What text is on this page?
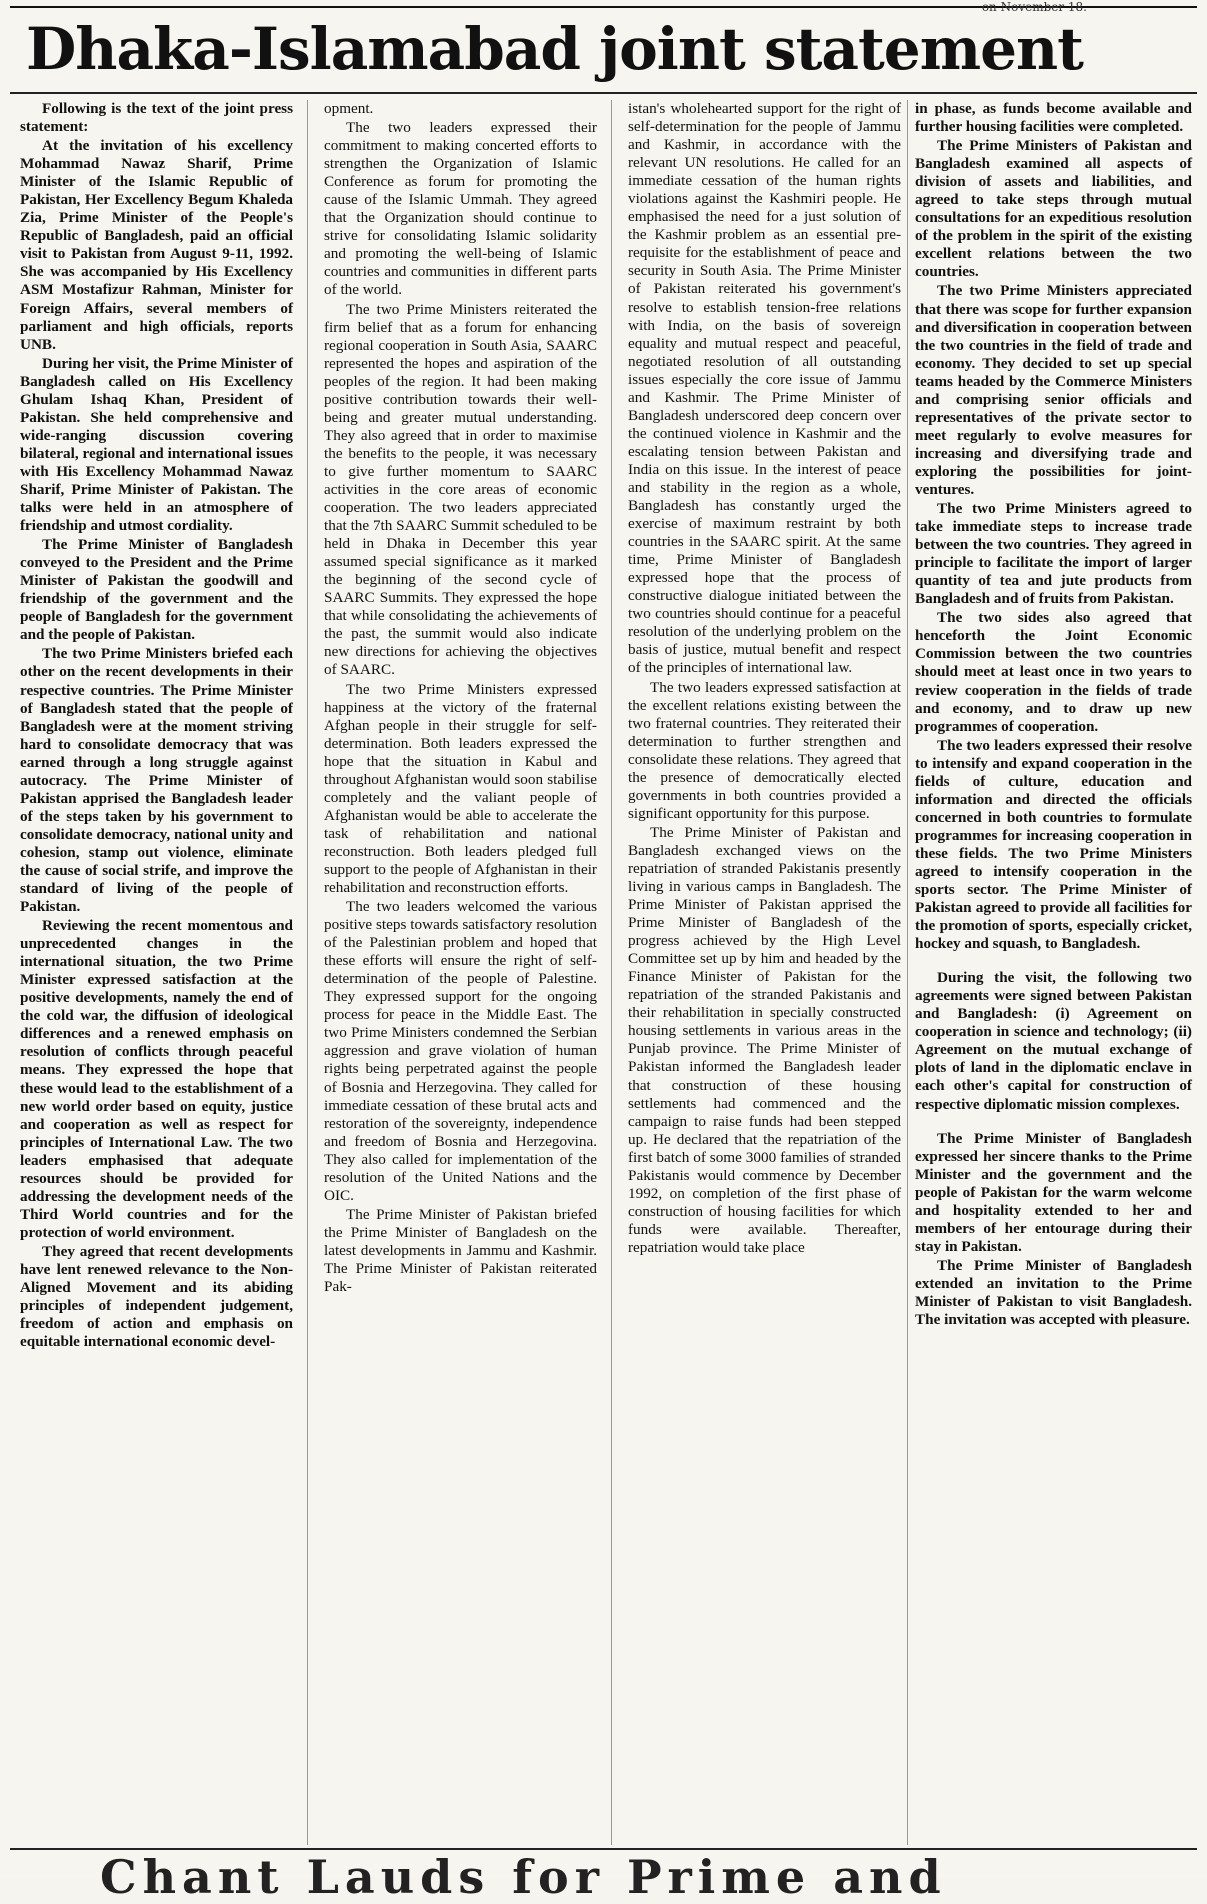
on November 18.
Dhaka-Islamabad joint statement

Following is the text of the joint press statement:

At the invitation of his excellency Mohammad Nawaz Sharif, Prime Minister of the Islamic Republic of Pakistan, Her Excellency Begum Khaleda Zia, Prime Minister of the People's Republic of Bangladesh, paid an official visit to Pakistan from August 9-11, 1992. She was accompanied by His Excellency ASM Mostafizur Rahman, Minister for Foreign Affairs, several members of parliament and high officials, reports UNB.

During her visit, the Prime Minister of Bangladesh called on His Excellency Ghulam Ishaq Khan, President of Pakistan. She held comprehensive and wide-ranging discussion covering bilateral, regional and international issues with His Excellency Mohammad Nawaz Sharif, Prime Minister of Pakistan. The talks were held in an atmosphere of friendship and utmost cordiality.

The Prime Minister of Bangladesh conveyed to the President and the Prime Minister of Pakistan the goodwill and friendship of the government and the people of Bangladesh for the government and the people of Pakistan.

The two Prime Ministers briefed each other on the recent developments in their respective countries. The Prime Minister of Bangladesh stated that the people of Bangladesh were at the moment striving hard to consolidate democracy that was earned through a long struggle against autocracy. The Prime Minister of Pakistan apprised the Bangladesh leader of the steps taken by his government to consolidate democracy, national unity and cohesion, stamp out violence, eliminate the cause of social strife, and improve the standard of living of the people of Pakistan.

Reviewing the recent momentous and unprecedented changes in the international situation, the two Prime Minister expressed satisfaction at the positive developments, namely the end of the cold war, the diffusion of ideological differences and a renewed emphasis on resolution of conflicts through peaceful means. They expressed the hope that these would lead to the establishment of a new world order based on equity, justice and cooperation as well as respect for principles of International Law. The two leaders emphasised that adequate resources should be provided for addressing the development needs of the Third World countries and for the protection of world environment.

They agreed that recent developments have lent renewed relevance to the Non-Aligned Movement and its abiding principles of independent judgement, freedom of action and emphasis on equitable international economic devel-

opment.

The two leaders expressed their commitment to making concerted efforts to strengthen the Organization of Islamic Conference as forum for promoting the cause of the Islamic Ummah. They agreed that the Organization should continue to strive for consolidating Islamic solidarity and promoting the well-being of Islamic countries and communities in different parts of the world.

The two Prime Ministers reiterated the firm belief that as a forum for enhancing regional cooperation in South Asia, SAARC represented the hopes and aspiration of the peoples of the region. It had been making positive contribution towards their well-being and greater mutual understanding. They also agreed that in order to maximise the benefits to the people, it was necessary to give further momentum to SAARC activities in the core areas of economic cooperation. The two leaders appreciated that the 7th SAARC Summit scheduled to be held in Dhaka in December this year assumed special significance as it marked the beginning of the second cycle of SAARC Summits. They expressed the hope that while consolidating the achievements of the past, the summit would also indicate new directions for achieving the objectives of SAARC.

The two Prime Ministers expressed happiness at the victory of the fraternal Afghan people in their struggle for self-determination. Both leaders expressed the hope that the situation in Kabul and throughout Afghanistan would soon stabilise completely and the valiant people of Afghanistan would be able to accelerate the task of rehabilitation and national reconstruction. Both leaders pledged full support to the people of Afghanistan in their rehabilitation and reconstruction efforts.

The two leaders welcomed the various positive steps towards satisfactory resolution of the Palestinian problem and hoped that these efforts will ensure the right of self-determination of the people of Palestine. They expressed support for the ongoing process for peace in the Middle East. The two Prime Ministers condemned the Serbian aggression and grave violation of human rights being perpetrated against the people of Bosnia and Herzegovina. They called for immediate cessation of these brutal acts and restoration of the sovereignty, independence and freedom of Bosnia and Herzegovina. They also called for implementation of the resolution of the United Nations and the OIC.

The Prime Minister of Pakistan briefed the Prime Minister of Bangladesh on the latest developments in Jammu and Kashmir. The Prime Minister of Pakistan reiterated Pak-

istan's wholehearted support for the right of self-determination for the people of Jammu and Kashmir, in accordance with the relevant UN resolutions. He called for an immediate cessation of the human rights violations against the Kashmiri people. He emphasised the need for a just solution of the Kashmir problem as an essential pre-requisite for the establishment of peace and security in South Asia. The Prime Minister of Pakistan reiterated his government's resolve to establish tension-free relations with India, on the basis of sovereign equality and mutual respect and peaceful, negotiated resolution of all outstanding issues especially the core issue of Jammu and Kashmir. The Prime Minister of Bangladesh underscored deep concern over the continued violence in Kashmir and the escalating tension between Pakistan and India on this issue. In the interest of peace and stability in the region as a whole, Bangladesh has constantly urged the exercise of maximum restraint by both countries in the SAARC spirit. At the same time, Prime Minister of Bangladesh expressed hope that the process of constructive dialogue initiated between the two countries should continue for a peaceful resolution of the underlying problem on the basis of justice, mutual benefit and respect of the principles of international law.

The two leaders expressed satisfaction at the excellent relations existing between the two fraternal countries. They reiterated their determination to further strengthen and consolidate these relations. They agreed that the presence of democratically elected governments in both countries provided a significant opportunity for this purpose.

The Prime Minister of Pakistan and Bangladesh exchanged views on the repatriation of stranded Pakistanis presently living in various camps in Bangladesh. The Prime Minister of Pakistan apprised the Prime Minister of Bangladesh of the progress achieved by the High Level Committee set up by him and headed by the Finance Minister of Pakistan for the repatriation of the stranded Pakistanis and their rehabilitation in specially constructed housing settlements in various areas in the Punjab province. The Prime Minister of Pakistan informed the Bangladesh leader that construction of these housing settlements had commenced and the campaign to raise funds had been stepped up. He declared that the repatriation of the first batch of some 3000 families of stranded Pakistanis would commence by December 1992, on completion of the first phase of construction of housing facilities for which funds were available. Thereafter, repatriation would take place

in phase, as funds become available and further housing facilities were completed.

The Prime Ministers of Pakistan and Bangladesh examined all aspects of division of assets and liabilities, and agreed to take steps through mutual consultations for an expeditious resolution of the problem in the spirit of the existing excellent relations between the two countries.

The two Prime Ministers appreciated that there was scope for further expansion and diversification in cooperation between the two countries in the field of trade and economy. They decided to set up special teams headed by the Commerce Ministers and comprising senior officials and representatives of the private sector to meet regularly to evolve measures for increasing and diversifying trade and exploring the possibilities for joint-ventures.

The two Prime Ministers agreed to take immediate steps to increase trade between the two countries. They agreed in principle to facilitate the import of larger quantity of tea and jute products from Bangladesh and of fruits from Pakistan.

The two sides also agreed that henceforth the Joint Economic Commission between the two countries should meet at least once in two years to review cooperation in the fields of trade and economy, and to draw up new programmes of cooperation.

The two leaders expressed their resolve to intensify and expand cooperation in the fields of culture, education and information and directed the officials concerned in both countries to formulate programmes for increasing cooperation in these fields. The two Prime Ministers agreed to intensify cooperation in the sports sector. The Prime Minister of Pakistan agreed to provide all facilities for the promotion of sports, especially cricket, hockey and squash, to Bangladesh.

During the visit, the following two agreements were signed between Pakistan and Bangladesh: (i) Agreement on cooperation in science and technology; (ii) Agreement on the mutual exchange of plots of land in the diplomatic enclave in each other's capital for construction of respective diplomatic mission complexes.

The Prime Minister of Bangladesh expressed her sincere thanks to the Prime Minister and the government and the people of Pakistan for the warm welcome and hospitality extended to her and members of her entourage during their stay in Pakistan.

The Prime Minister of Bangladesh extended an invitation to the Prime Minister of Pakistan to visit Bangladesh. The invitation was accepted with pleasure.

Chant Lauds for Prime and
